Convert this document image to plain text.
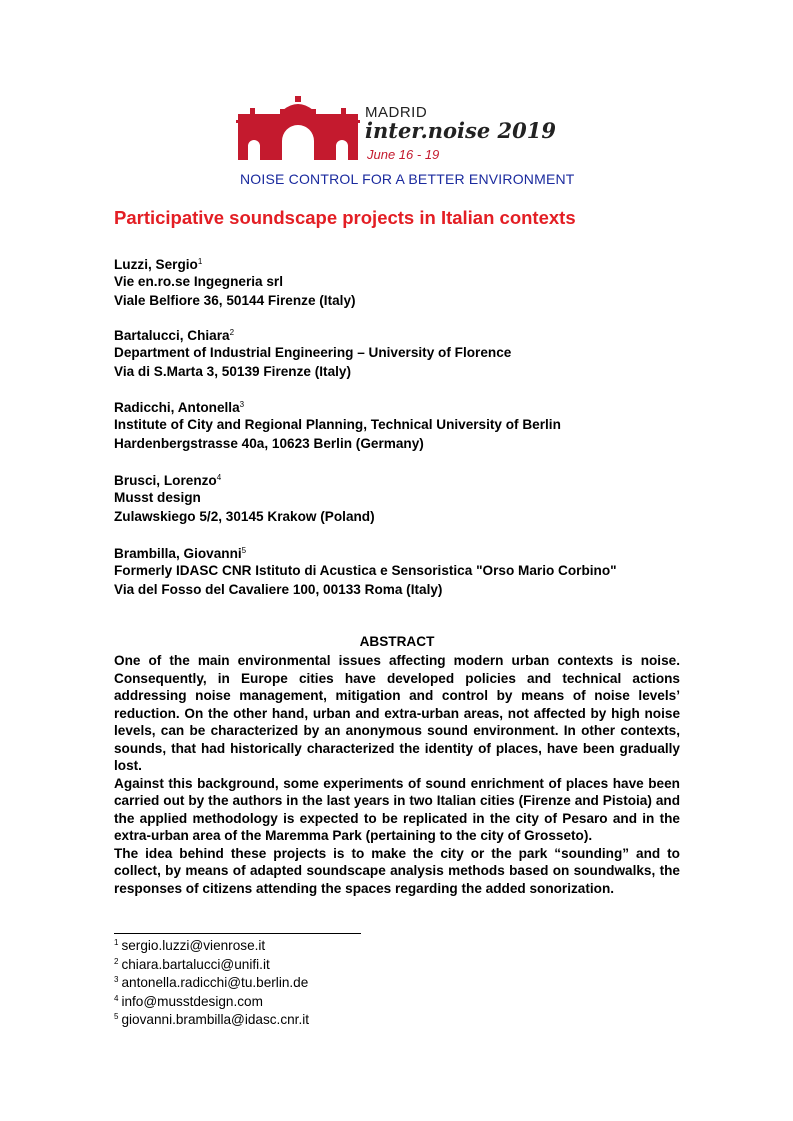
MADRID
inter.noise 2019
June 16 - 19
NOISE CONTROL FOR A BETTER ENVIRONMENT
Participative soundscape projects in Italian contexts
Luzzi, Sergio$^1$
Vie en.ro.se Ingegneria srl
Viale Belfiore 36, 50144 Firenze (Italy)
Bartalucci, Chiara$^2$
Department of Industrial Engineering – University of Florence
Via di S.Marta 3, 50139 Firenze (Italy)
Radicchi, Antonella$^3$
Institute of City and Regional Planning, Technical University of Berlin
Hardenbergstrasse 40a, 10623 Berlin (Germany)
Brusci, Lorenzo$^4$
Musst design
Zulawskiego 5/2, 30145 Krakow (Poland)
Brambilla, Giovanni$^5$
Formerly IDASC CNR Istituto di Acustica e Sensoristica "Orso Mario Corbino"
Via del Fosso del Cavaliere 100, 00133 Roma (Italy)
ABSTRACT

One of the main environmental issues affecting modern urban contexts is noise. Consequently, in Europe cities have developed policies and technical actions addressing noise management, mitigation and control by means of noise levels’ reduction. On the other hand, urban and extra-urban areas, not affected by high noise levels, can be characterized by an anonymous sound environment. In other contexts, sounds, that had historically characterized the identity of places, have been gradually lost.

Against this background, some experiments of sound enrichment of places have been carried out by the authors in the last years in two Italian cities (Firenze and Pistoia) and the applied methodology is expected to be replicated in the city of Pesaro and in the extra-urban area of the Maremma Park (pertaining to the city of Grosseto).

The idea behind these projects is to make the city or the park “sounding” and to collect, by means of adapted soundscape analysis methods based on soundwalks, the responses of citizens attending the spaces regarding the added sonorization.

$^1$ sergio.luzzi@vienrose.it
$^2$ chiara.bartalucci@unifi.it
$^3$ antonella.radicchi@tu.berlin.de
$^4$ info@musstdesign.com
$^5$ giovanni.brambilla@idasc.cnr.it
